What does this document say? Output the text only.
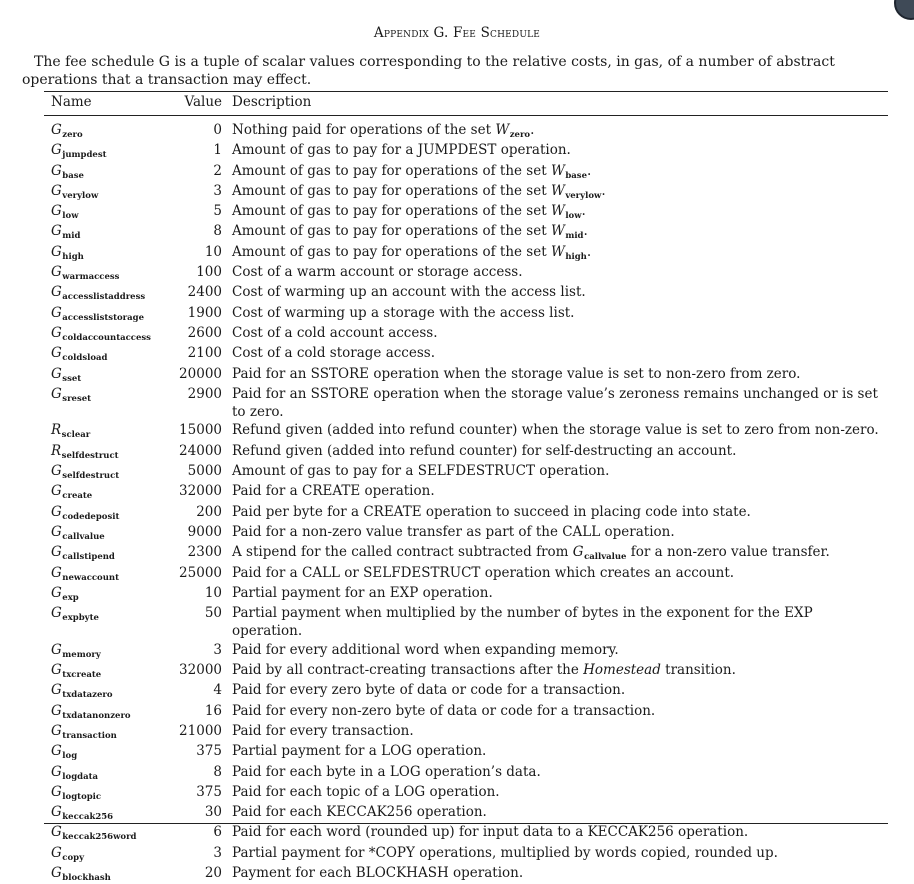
Appendix G. Fee Schedule
The fee schedule G is a tuple of scalar values corresponding to the relative costs, in gas, of a number of abstract
operations that a transaction may effect.
Name	Value Description
$G_{zero}$	0 Nothing paid for operations of the set $W_{zero}$.
$G_{jumpdest}$	1 Amount of gas to pay for a JUMPDEST operation.
$G_{base}$	2 Amount of gas to pay for operations of the set $W_{base}$.
$G_{verylow}$	3 Amount of gas to pay for operations of the set $W_{verylow}$.
$G_{low}$	5 Amount of gas to pay for operations of the set $W_{low}$.
$G_{mid}$	8 Amount of gas to pay for operations of the set $W_{mid}$.
$G_{high}$	10 Amount of gas to pay for operations of the set $W_{high}$.
$G_{warmaccess}$	100 Cost of a warm account or storage access.
$G_{accesslistaddress}$	2400 Cost of warming up an account with the access list.
$G_{accessliststorage}$	1900 Cost of warming up a storage with the access list.
$G_{coldaccountaccess}$	2600 Cost of a cold account access.
$G_{coldsload}$	2100 Cost of a cold storage access.
$G_{sset}$	20000 Paid for an SSTORE operation when the storage value is set to non-zero from zero.
$G_{sreset}$	2900 Paid for an SSTORE operation when the storage value’s zeroness remains unchanged or is set to zero.
$R_{sclear}$	15000 Refund given (added into refund counter) when the storage value is set to zero from non-zero.
$R_{selfdestruct}$	24000 Refund given (added into refund counter) for self-destructing an account.
$G_{selfdestruct}$	5000 Amount of gas to pay for a SELFDESTRUCT operation.
$G_{create}$	32000 Paid for a CREATE operation.
$G_{codedeposit}$	200 Paid per byte for a CREATE operation to succeed in placing code into state.
$G_{callvalue}$	9000 Paid for a non-zero value transfer as part of the CALL operation.
$G_{callstipend}$	2300 A stipend for the called contract subtracted from $G_{callvalue}$ for a non-zero value transfer.
$G_{newaccount}$	25000 Paid for a CALL or SELFDESTRUCT operation which creates an account.
$G_{exp}$	10 Partial payment for an EXP operation.
$G_{expbyte}$	50 Partial payment when multiplied by the number of bytes in the exponent for the EXP operation.
$G_{memory}$	3 Paid for every additional word when expanding memory.
$G_{txcreate}$	32000 Paid by all contract-creating transactions after the Homestead transition.
$G_{txdatazero}$	4 Paid for every zero byte of data or code for a transaction.
$G_{txdatanonzero}$	16 Paid for every non-zero byte of data or code for a transaction.
$G_{transaction}$	21000 Paid for every transaction.
$G_{log}$	375 Partial payment for a LOG operation.
$G_{logdata}$	8 Paid for each byte in a LOG operation’s data.
$G_{logtopic}$	375 Paid for each topic of a LOG operation.
$G_{keccak256}$	30 Paid for each KECCAK256 operation.
$G_{keccak256word}$	6 Paid for each word (rounded up) for input data to a KECCAK256 operation.
$G_{copy}$	3 Partial payment for *COPY operations, multiplied by words copied, rounded up.
$G_{blockhash}$	20 Payment for each BLOCKHASH operation.
